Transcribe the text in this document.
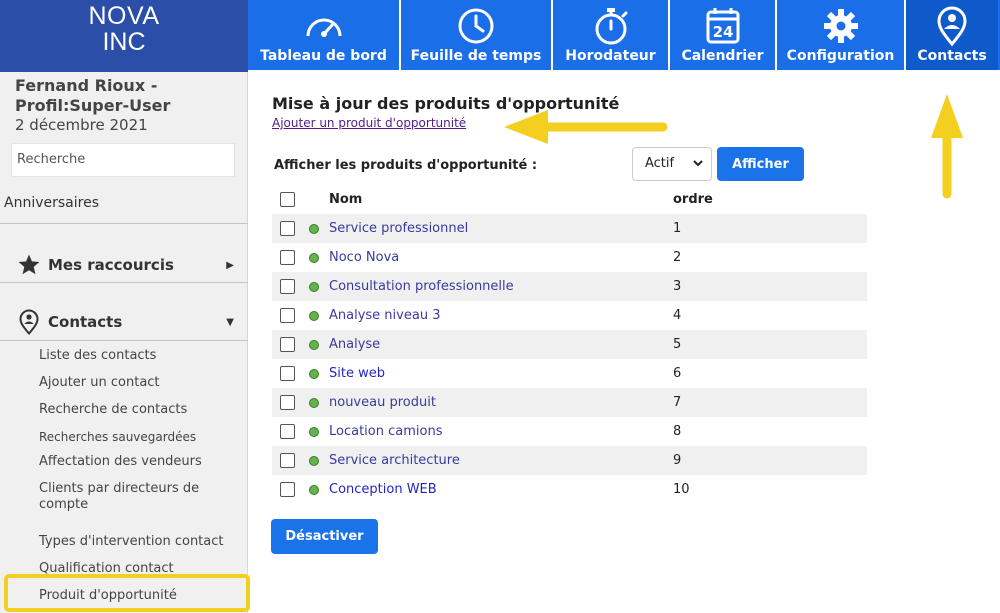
NOVA
INC	Tableau de bord Feuille de temps Horodateur
24
Calendrier Configuration Contacts
Fernand Rioux - Profil:Super-User
2 décembre 2021
Recherche
Anniversaires
Mes raccourcis	▶
Contacts	▼
Liste des contacts
Ajouter un contact
Recherche de contacts
Recherches sauvegardées
Affectation des vendeurs
Clients par directeurs de compte
Types d'intervention contact
Qualification contact
Produit d'opportunité
Mise à jour des produits d'opportunité
Ajouter un produit d'opportunité
Afficher les produits d'opportunité :	Actif	Afficher
Nom	ordre
Service professionnel	1
Noco Nova	2
Consultation professionnelle	3
Analyse niveau 3	4
Analyse	5
Site web	6
nouveau produit	7
Location camions	8
Service architecture	9
Conception WEB	10
Désactiver
